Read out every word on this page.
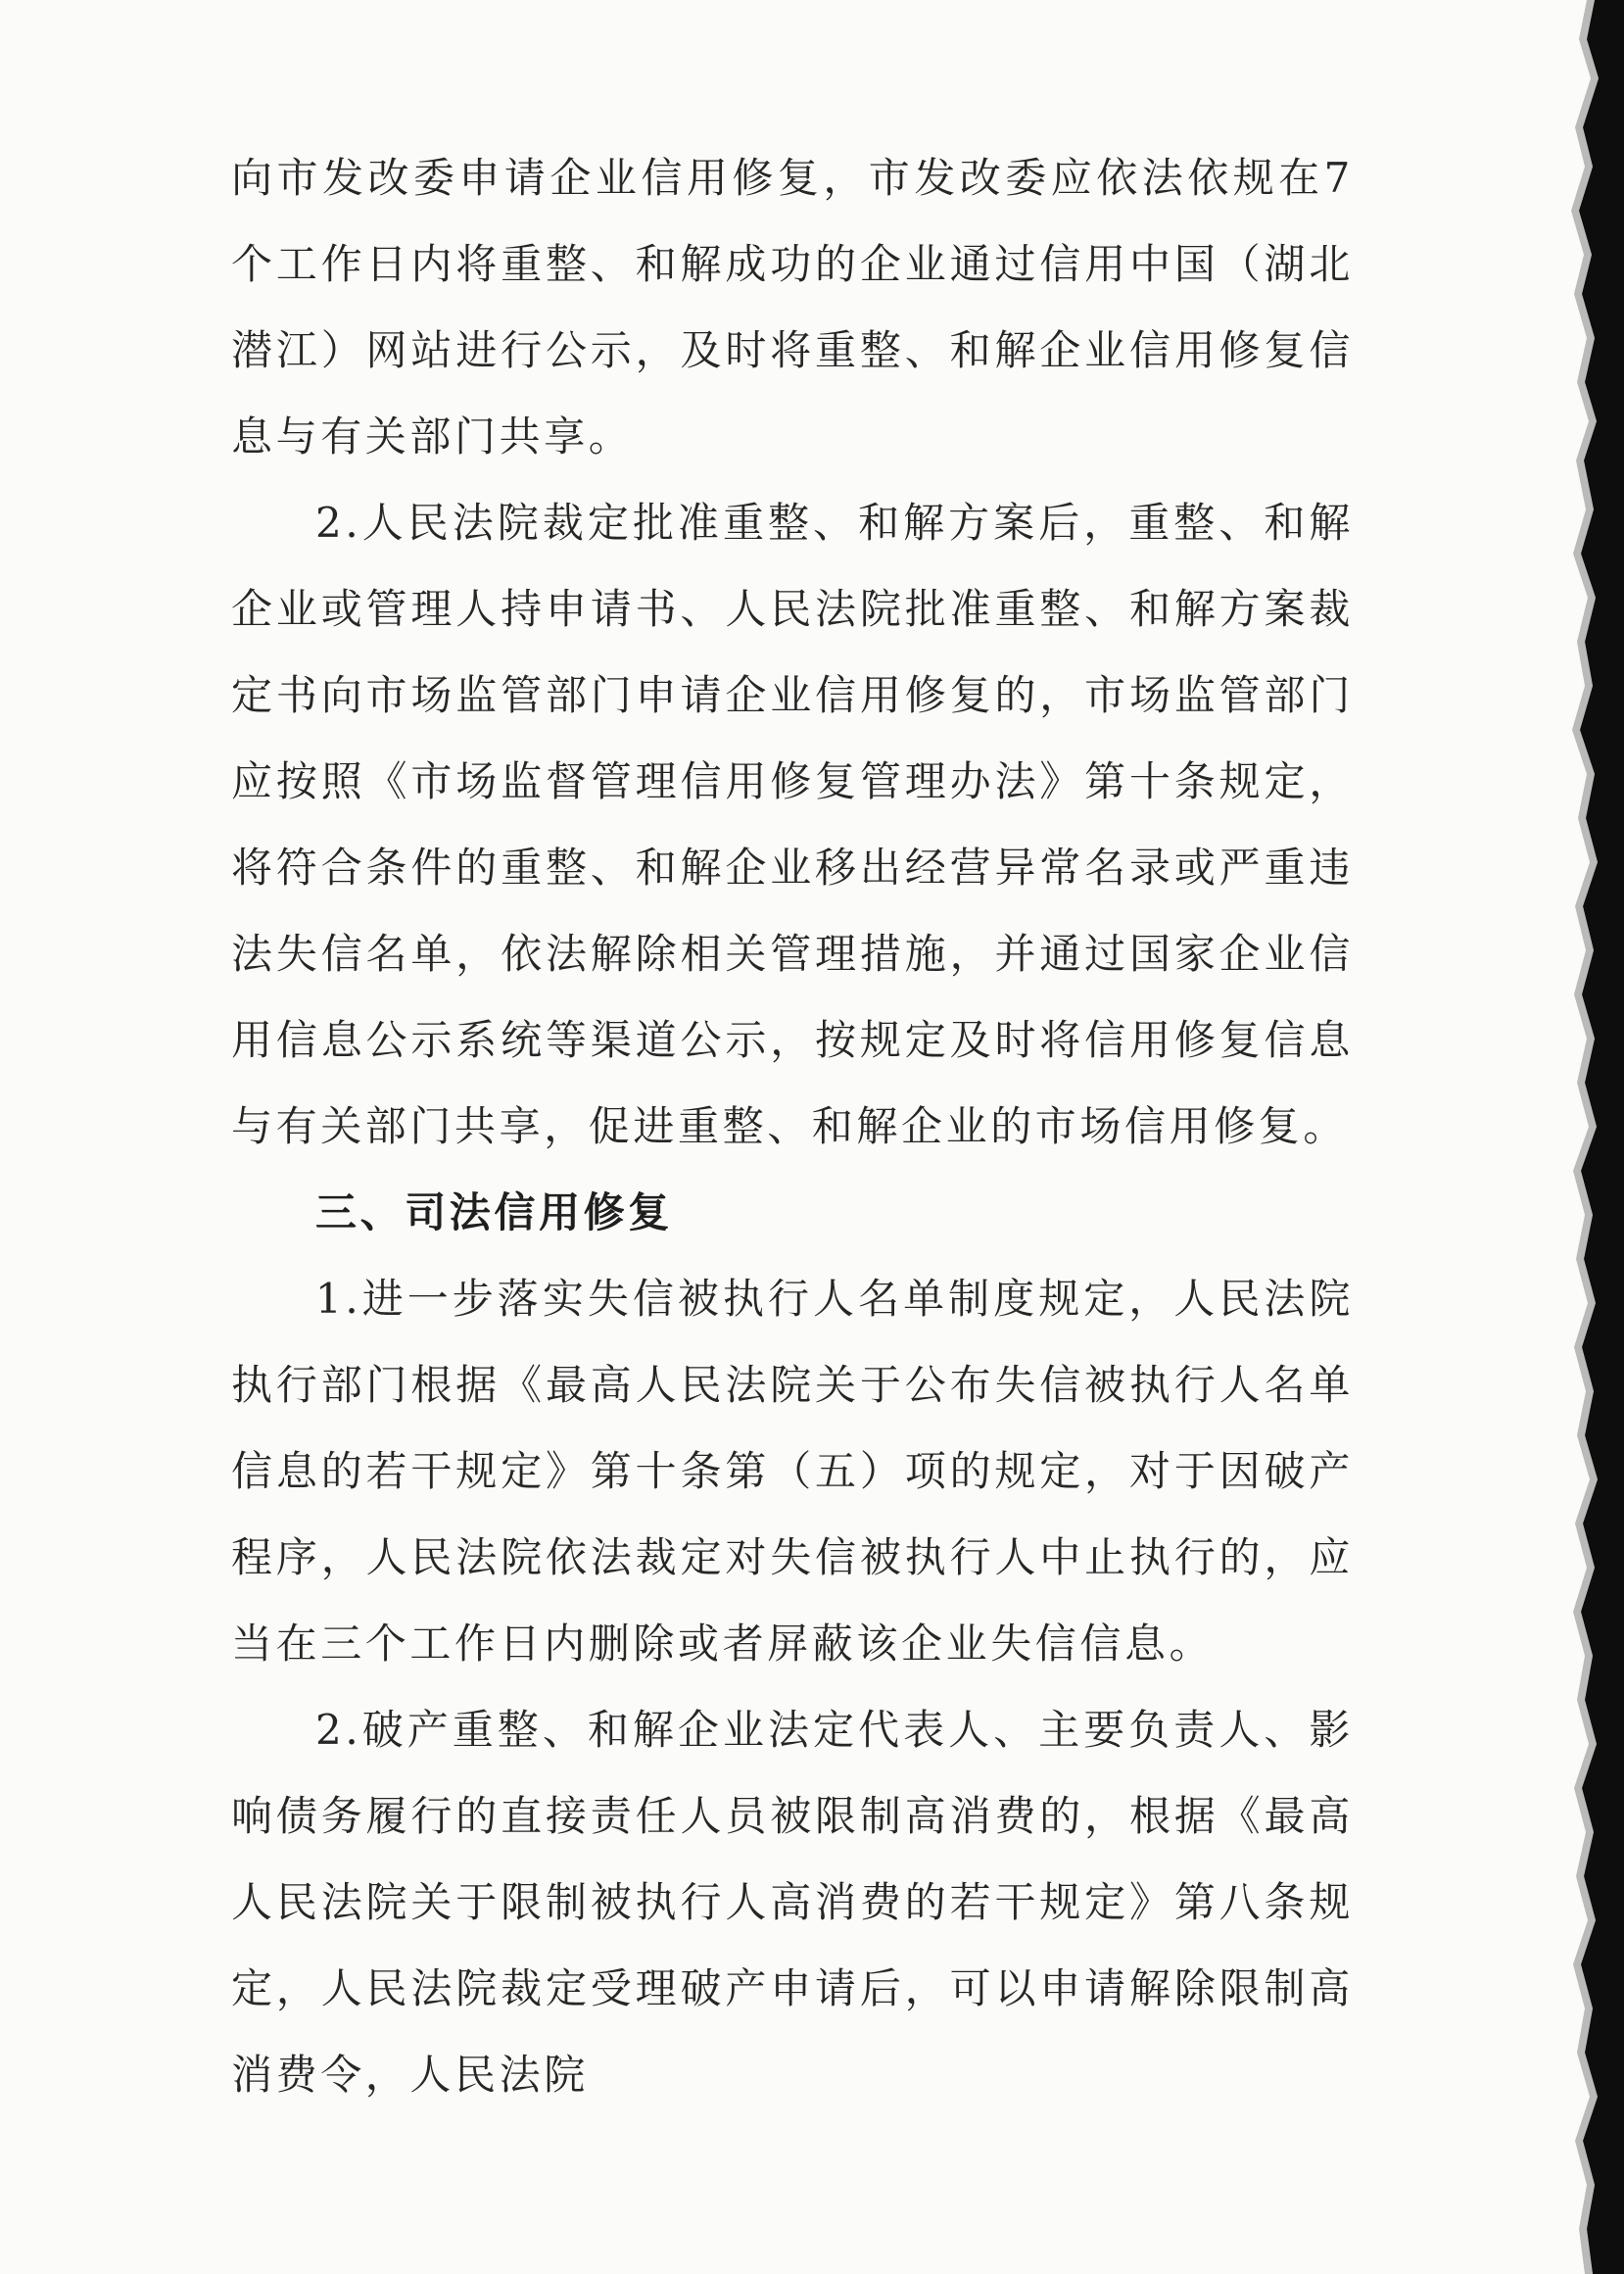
向市发改委申请企业信用修复，市发改委应依法依规在7个工作日内将重整、和解成功的企业通过信用中国（湖北潜江）网站进行公示，及时将重整、和解企业信用修复信息与有关部门共享。

2.人民法院裁定批准重整、和解方案后，重整、和解企业或管理人持申请书、人民法院批准重整、和解方案裁定书向市场监管部门申请企业信用修复的，市场监管部门应按照《市场监督管理信用修复管理办法》第十条规定，将符合条件的重整、和解企业移出经营异常名录或严重违法失信名单，依法解除相关管理措施，并通过国家企业信用信息公示系统等渠道公示，按规定及时将信用修复信息与有关部门共享，促进重整、和解企业的市场信用修复。

三、司法信用修复

1.进一步落实失信被执行人名单制度规定，人民法院执行部门根据《最高人民法院关于公布失信被执行人名单信息的若干规定》第十条第（五）项的规定，对于因破产程序，人民法院依法裁定对失信被执行人中止执行的，应当在三个工作日内删除或者屏蔽该企业失信信息。

2.破产重整、和解企业法定代表人、主要负责人、影响债务履行的直接责任人员被限制高消费的，根据《最高人民法院关于限制被执行人高消费的若干规定》第八条规定，人民法院裁定受理破产申请后，可以申请解除限制高消费令，人民法院
